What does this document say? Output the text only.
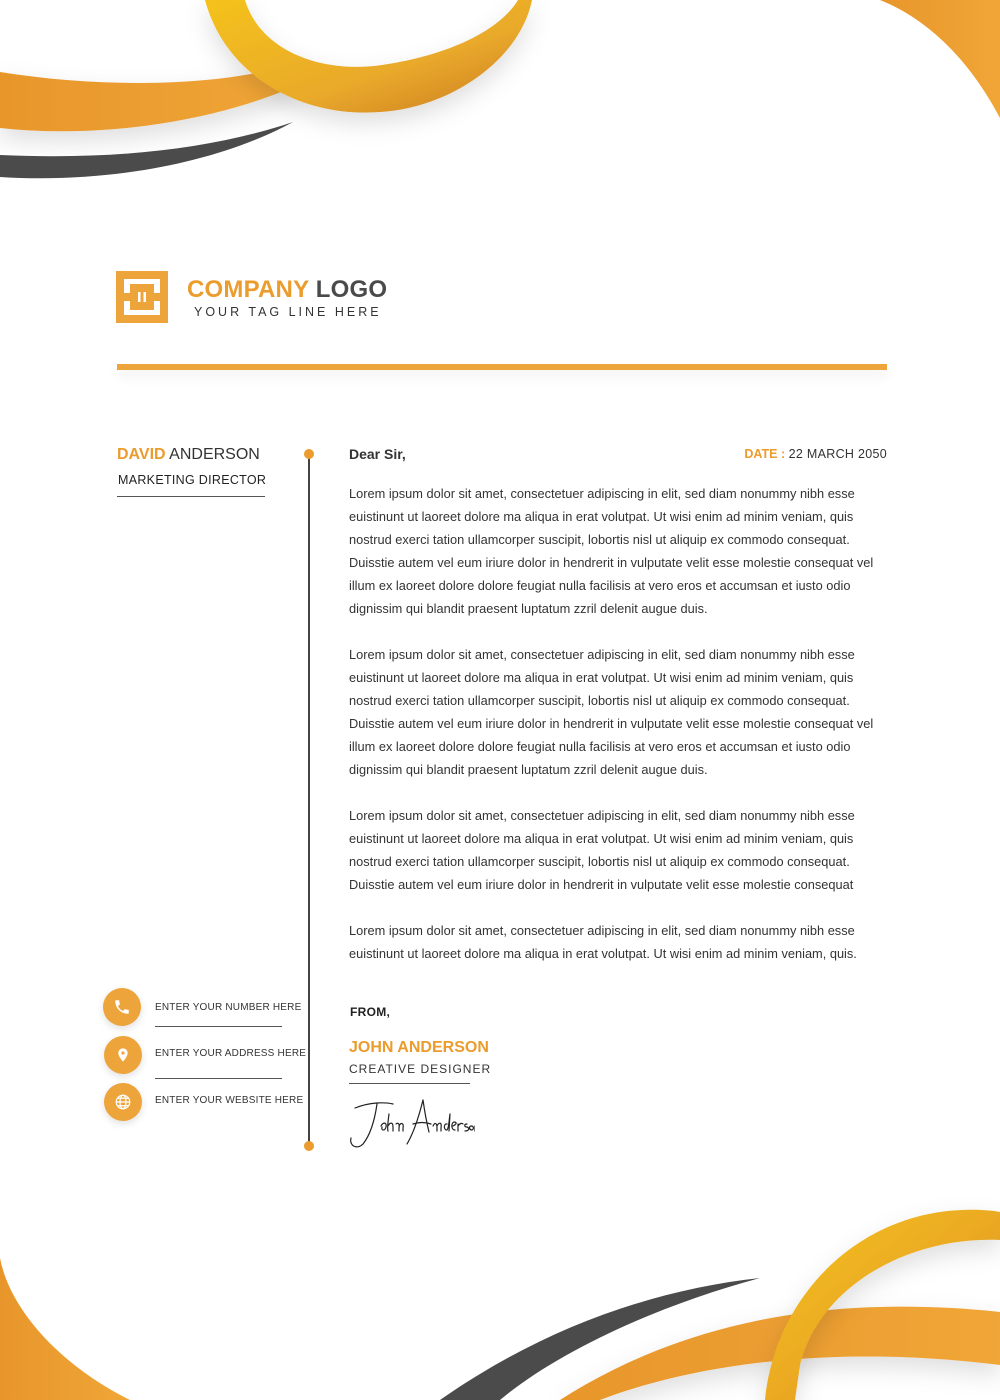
COMPANY LOGO
YOUR TAG LINE HERE
DAVID ANDERSON
MARKETING DIRECTOR
Dear Sir,	DATE : 22 MARCH 2050

Lorem ipsum dolor sit amet, consectetuer adipiscing in elit, sed diam nonummy nibh esse euistinunt ut laoreet dolore ma aliqua in erat volutpat. Ut wisi enim ad minim veniam, quis nostrud exerci tation ullamcorper suscipit, lobortis nisl ut aliquip ex commodo consequat. Duisstie autem vel eum iriure dolor in hendrerit in vulputate velit esse molestie consequat vel illum ex laoreet dolore dolore feugiat nulla facilisis at vero eros et accumsan et iusto odio dignissim qui blandit praesent luptatum zzril delenit augue duis.

Lorem ipsum dolor sit amet, consectetuer adipiscing in elit, sed diam nonummy nibh esse euistinunt ut laoreet dolore ma aliqua in erat volutpat. Ut wisi enim ad minim veniam, quis nostrud exerci tation ullamcorper suscipit, lobortis nisl ut aliquip ex commodo consequat. Duisstie autem vel eum iriure dolor in hendrerit in vulputate velit esse molestie consequat vel illum ex laoreet dolore dolore feugiat nulla facilisis at vero eros et accumsan et iusto odio dignissim qui blandit praesent luptatum zzril delenit augue duis.

Lorem ipsum dolor sit amet, consectetuer adipiscing in elit, sed diam nonummy nibh esse euistinunt ut laoreet dolore ma aliqua in erat volutpat. Ut wisi enim ad minim veniam, quis nostrud exerci tation ullamcorper suscipit, lobortis nisl ut aliquip ex commodo consequat. Duisstie autem vel eum iriure dolor in hendrerit in vulputate velit esse molestie consequat

Lorem ipsum dolor sit amet, consectetuer adipiscing in elit, sed diam nonummy nibh esse euistinunt ut laoreet dolore ma aliqua in erat volutpat. Ut wisi enim ad minim veniam, quis.

FROM,
JOHN ANDERSON
CREATIVE DESIGNER
ENTER YOUR NUMBER HERE
ENTER YOUR ADDRESS HERE
ENTER YOUR WEBSITE HERE
